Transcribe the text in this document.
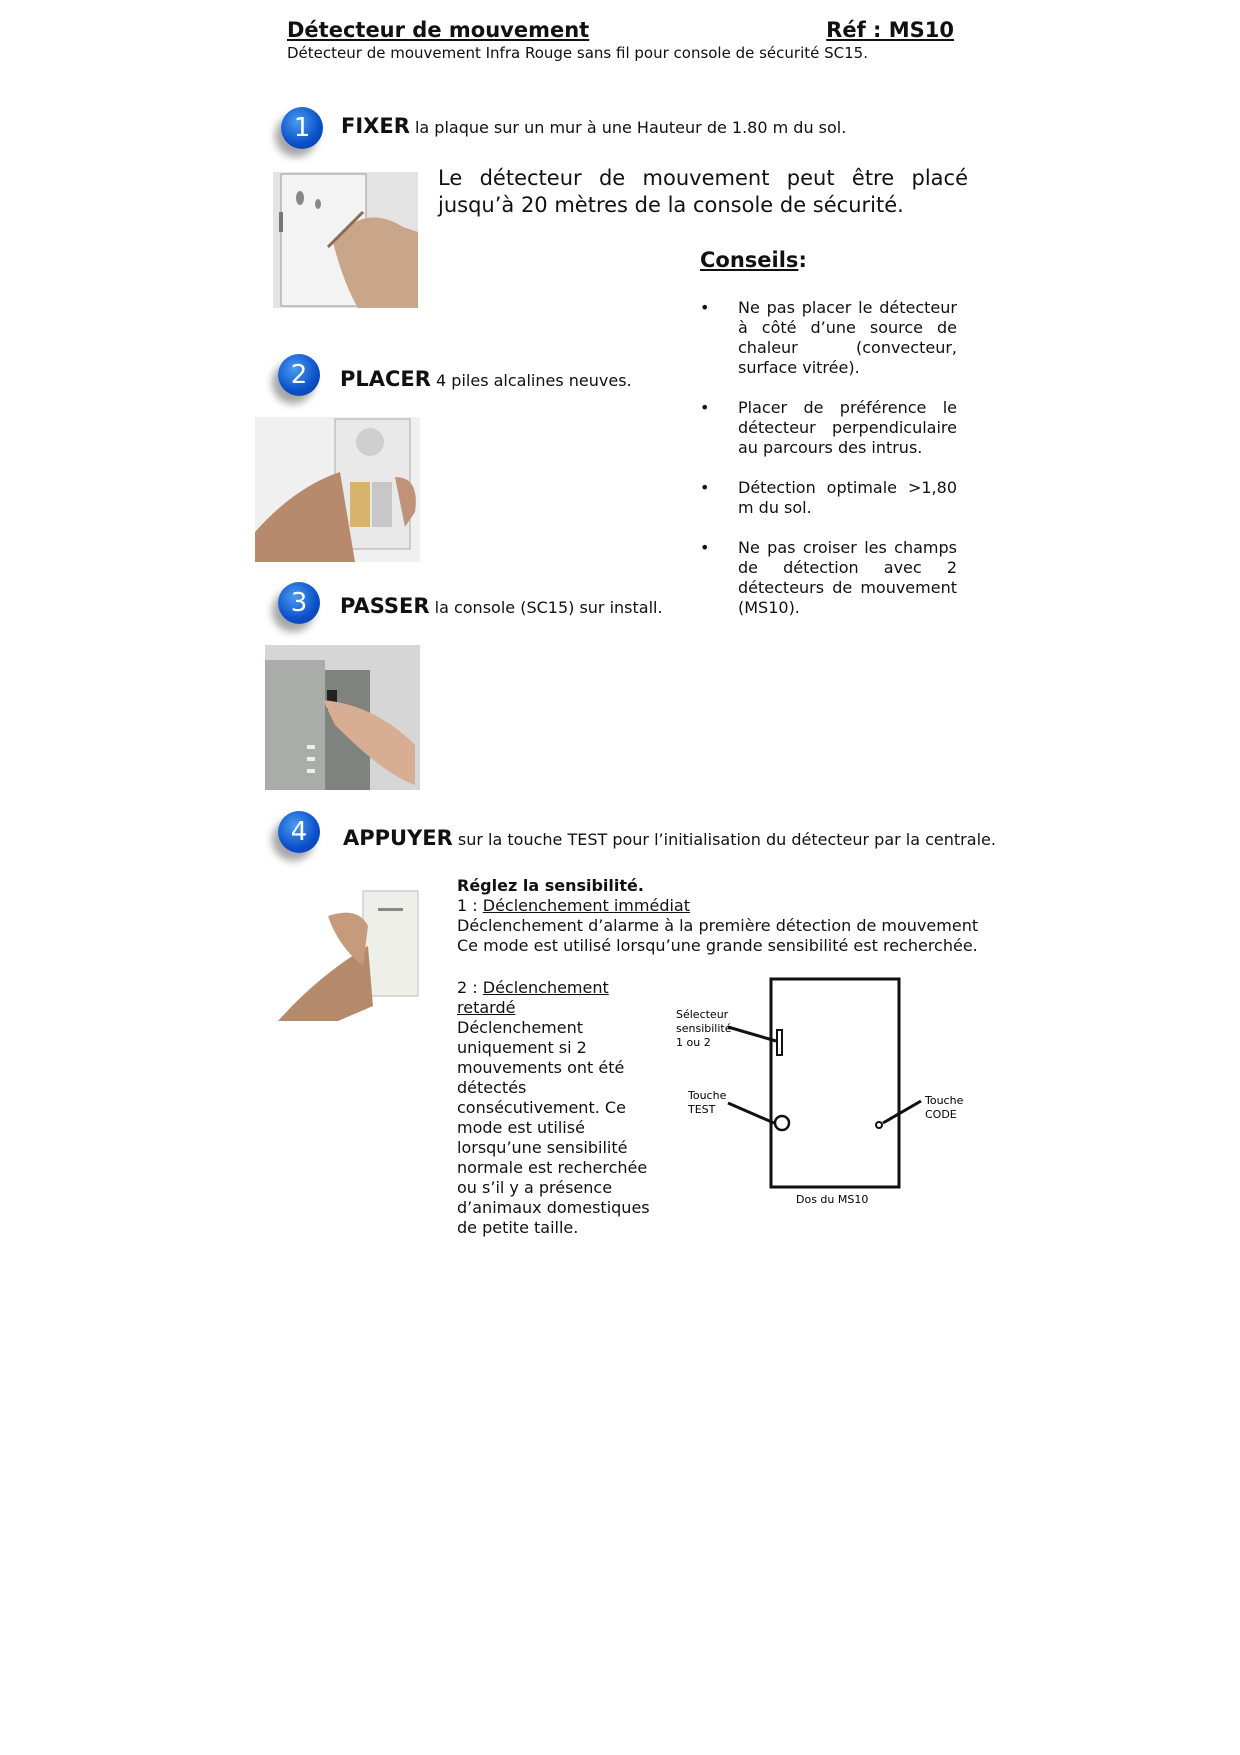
Détecteur de mouvement	Réf : MS10
Détecteur de mouvement Infra Rouge sans fil pour console de sécurité SC15.
1	FIXER la plaque sur un mur à une Hauteur de 1.80 m du sol.
Le détecteur de mouvement peut être placé jusqu’à 20 mètres de la console de sécurité.
2	PLACER 4 piles alcalines neuves.
Conseils:
• Ne pas placer le détecteur à côté d’une source de chaleur (convecteur, surface vitrée).
• Placer de préférence le détecteur perpendiculaire au parcours des intrus.
• Détection optimale >1,80 m du sol.
• Ne pas croiser les champs de détection avec 2 détecteurs de mouvement (MS10).
3	PASSER la console (SC15) sur install.
4	APPUYER sur la touche TEST pour l’initialisation du détecteur par la centrale.
Réglez la sensibilité.
1 : Déclenchement immédiat
Déclenchement d’alarme à la première détection de mouvement
Ce mode est utilisé lorsqu’une grande sensibilité est recherchée.
2 : Déclenchement retardé
Déclenchement uniquement si 2 mouvements ont été détectés consécutivement. Ce mode est utilisé lorsqu’une sensibilité normale est recherchée ou s’il y a présence d’animaux domestiques de petite taille.
Sélecteur
sensibilité
1 ou 2
Touche
TEST
Touche
CODE
Dos du MS10
